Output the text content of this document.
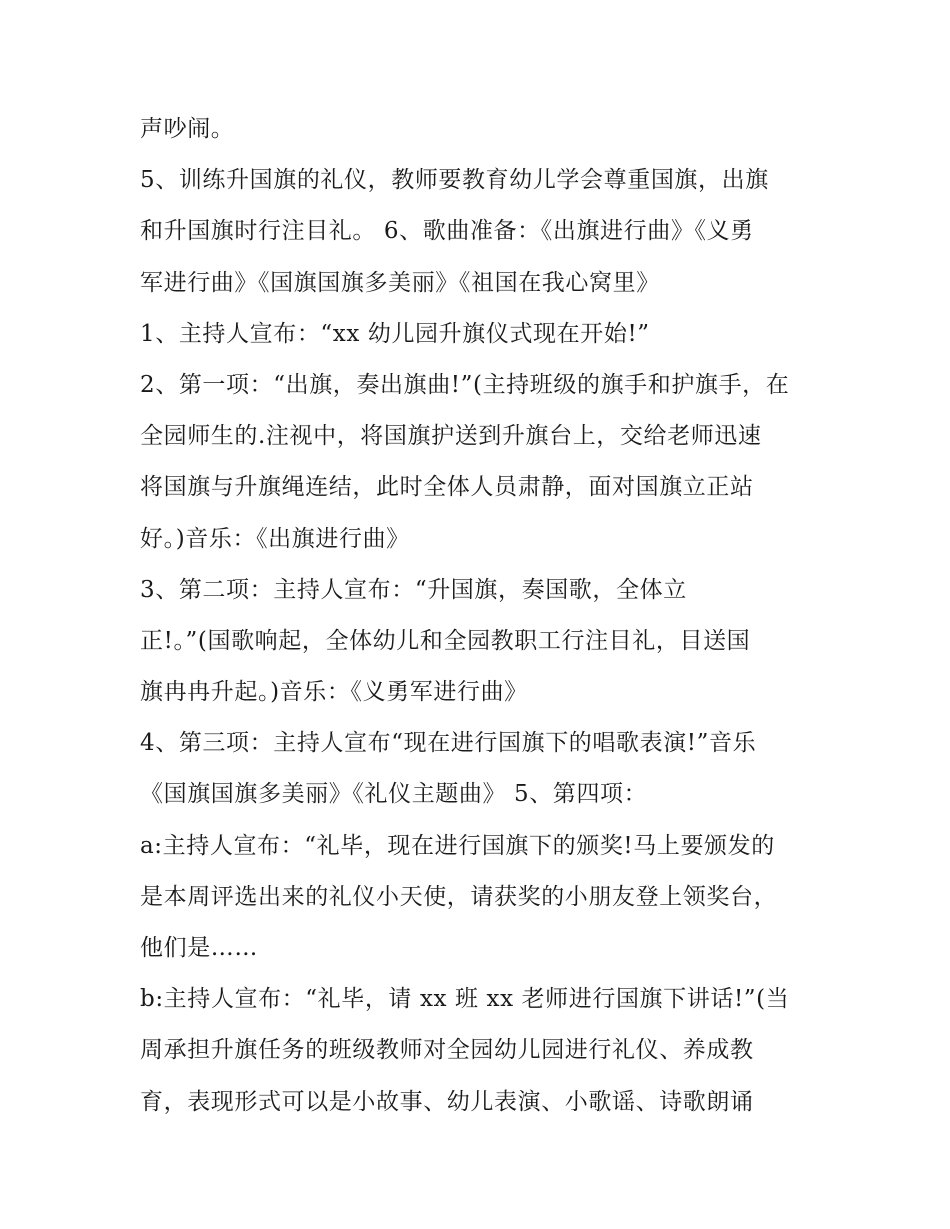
声吵闹。
5、训练升国旗的礼仪，教师要教育幼儿学会尊重国旗，出旗
和升国旗时行注目礼。 6、歌曲准备：《出旗进行曲》《义勇
军进行曲》《国旗国旗多美丽》《祖国在我心窝里》
1、主持人宣布：“xx 幼儿园升旗仪式现在开始!”
2、第一项：“出旗，奏出旗曲!”(主持班级的旗手和护旗手，在
全园师生的.注视中，将国旗护送到升旗台上，交给老师迅速
将国旗与升旗绳连结，此时全体人员肃静，面对国旗立正站
好。)音乐：《出旗进行曲》
3、第二项：主持人宣布：“升国旗，奏国歌，全体立
正!。”(国歌响起，全体幼儿和全园教职工行注目礼，目送国
旗冉冉升起。)音乐：《义勇军进行曲》
4、第三项：主持人宣布“现在进行国旗下的唱歌表演!”音乐
《国旗国旗多美丽》《礼仪主题曲》 5、第四项：
a:主持人宣布：“礼毕，现在进行国旗下的颁奖!马上要颁发的
是本周评选出来的礼仪小天使，请获奖的小朋友登上领奖台，
他们是……
b:主持人宣布：“礼毕，请 xx 班 xx 老师进行国旗下讲话!”(当
周承担升旗任务的班级教师对全园幼儿园进行礼仪、养成教
育，表现形式可以是小故事、幼儿表演、小歌谣、诗歌朗诵
